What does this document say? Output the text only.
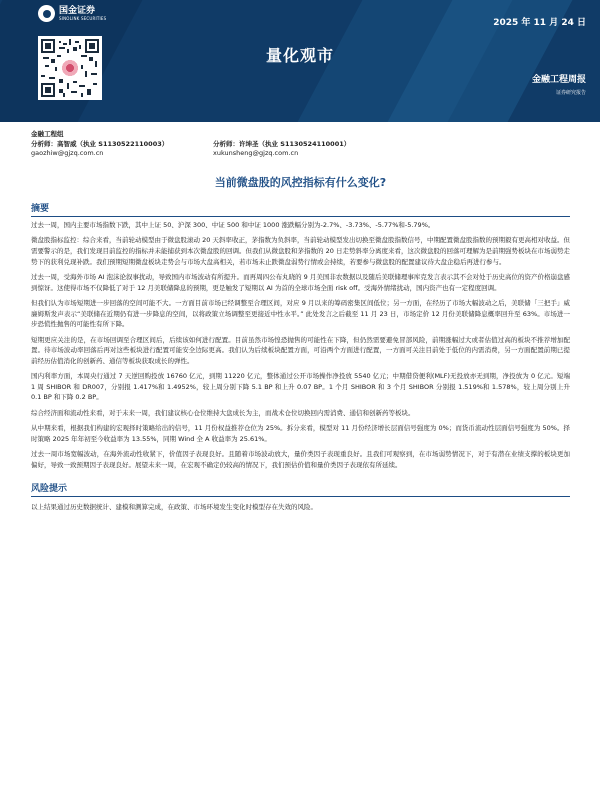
国金证券
SINOLINK SECURITIES	2025 年 11 月 24 日
量化观市
金融工程周报
证券研究报告
金融工程组
分析师：高智威（执业 S1130522110003）
gaozhiw@gjzq.com.cn
分析师：许坤圣（执业 S1130524110001）
xukunsheng@gjzq.com.cn
当前微盘股的风控指标有什么变化?
摘要

过去一周，国内主要市场指数下跌，其中上证 50、沪深 300、中证 500 和中证 1000 涨跌幅分别为-2.7%、-3.73%、-5.77%和-5.79%。

微盘股指标监控：综合来看，当前轮动模型由于微盘股滚动 20 天斜率收正，茅指数为负斜率，当前轮动模型发出切换至微盘股指数信号，中期配置微盘股指数的预期毅有更高相对收益。但需要警示的是，我们发现目前监控的指标并未能捕获到本次微盘股的回调。但我们从微盘股和茅指数的 20 日走势斜率分离度来看，这次微盘股的回落可理解为是前期强势板块在市场弱势走势下的获利兑现补跌。我们预期短期微盘板块走势会与市场大盘高相关，若市场未止跌微盘弱势行情或会持续，若要参与微盘股的配置建议待大盘企稳后再进行参与。

过去一周，受海外市场 AI 泡沫论叙事扰动，导致国内市场波动有所提升。而再周四公布丸晓的 9 月美国非农数据以及随后美联储理事库克发言表示其不会对处于历史高位的资产价格崩盘感到惊讶。这使得市场不仅降低了对于 12 月美联储降息的预期，更是触发了短期以 AI 为首的全球市场全面 risk off。受海外情绪扰动，国内资产也有一定程度回调。

但我们认为市场短期进一步回落的空间可能不大。一方面目前市场已经调整至合理区间，对应 9 月以来的筹码密集区间低位；另一方面，在经历了市场大幅波动之后，美联储「三把手」威廉姆斯发声表示“美联储在近期仍有进一步降息的空间，以将政策立场调整至更接近中性水平。” 此处发言之后截至 11 月 23 日，市场定价 12 月份美联储降息概率回升至 63%。市场进一步恐慌性抛售的可能性有所下降。

短期更应关注的是，在市场回调至合理区间后，后续该如何进行配置。目前虽然市场惶恐抛售的可能性在下降，但仍然需要避免冒部风险，前期涨幅过大或者估值过高的板块不推荐增加配置。待市场波动率回落后再对这些板块进行配置可能安全边际更高。我们认为后续板块配置方面，可沿两个方面进行配置，一方面可关注目前处于低位的内需消费，另一方面配置前期已提前经历估值消化的创新药、通信等板块获取成长的弹性。

国内利率方面，本周央行通过 7 天逆回购投放 16760 亿元，到期 11220 亿元，整体通过公开市场操作净投放 5540 亿元；中期借贷便利(MLF)无投放亦无到期，净投放为 0 亿元。短端 1 周 SHIBOR 和 DR007，分别报 1.417%和 1.4952%，较上周分别下降 5.1 BP 和上升 0.07 BP。1 个月 SHIBOR 和 3 个月 SHIBOR 分别报 1.519%和 1.578%，较上周分别上升 0.1 BP 和下降 0.2 BP。

综合经济面和流动性来看，对于未来一周，我们建议核心仓位维持大盘成长为主，而战术仓位切换回内需消费、通信和创新药等板块。

从中期来看，根据我们构建的宏观择时策略给出的信号，11 月份权益推荐仓位为 25%。拆分来看，模型对 11 月份经济增长层面信号强度为 0%；而货币流动性层面信号强度为 50%。择时策略 2025 年年初至今收益率为 13.55%，同期 Wind 全 A 收益率为 25.61%。

过去一周市场宽幅波动，在海外流动性收紧下，价值因子表现良好。且随着市场波动放大，量价类因子表现重良好。且我们可观察到，在市场弱势情况下，对于有潜在业绩支撑的板块更加偏好，导致一致预期因子表现良好。展望未来一周，在宏观不确定仍较高的情况下，我们预估价值和量价类因子表现依有所延续。

风险提示

以上结果通过历史数据统计、建模和测算完成，在政策、市场环境发生变化时模型存在失效的风险。
